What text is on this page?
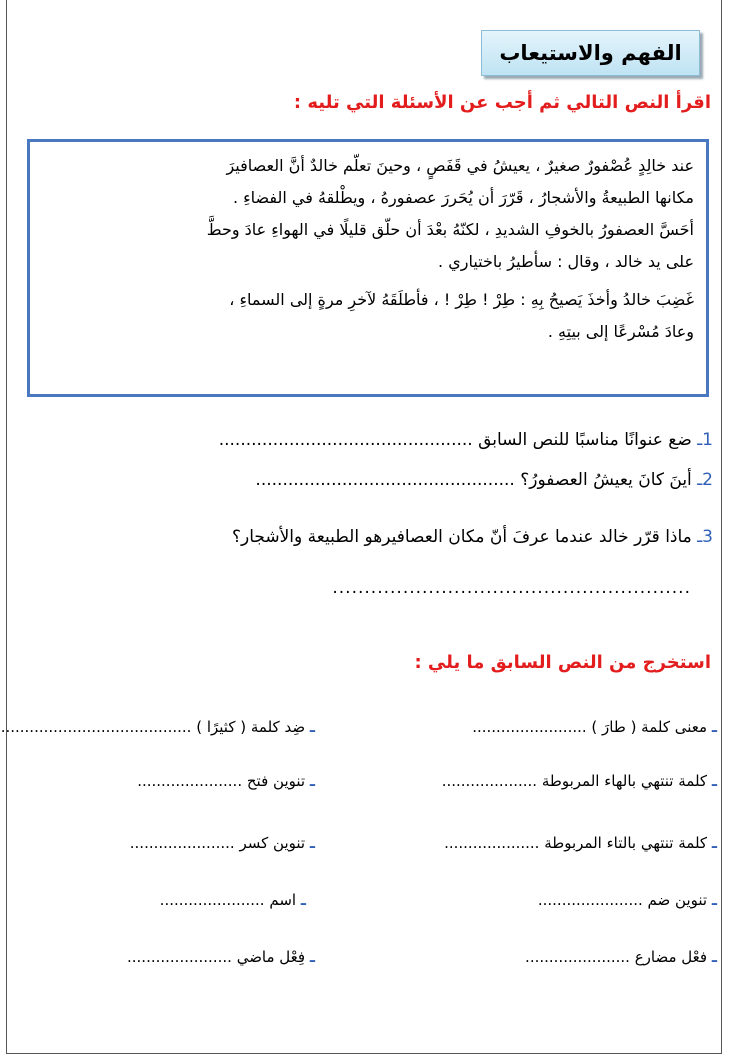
الفهم والاستيعاب
اقرأ النص التالي ثم أجب عن الأسئلة التي تليه :

عند خالِدٍ عُصْفورٌ صغيرٌ ، يعيشُ في قَفَصٍ ، وحينَ تعلّم خالدٌ أنَّ العصافيرَ

مكانها الطبيعةُ والأشجارُ ، قَرّرَ أن يُحَررَ عصفورهُ ، ويطْلقهُ في الفضاءِ .

أحَسَّ العصفورُ بالخوفِ الشديدِ ، لكنّهُ بعْدَ أن حلّق قليلًا في الهواءِ عادَ وحطَّ

على يد خالد ، وقال : سأطيرُ باختياري .

غَضِبَ خالدُ وأخذَ يَصيحُ بِهِ : طِرْ ! طِرْ ! ، فأطلَقَهُ لآخرِ مرةٍ إلى السماءِ ،

وعادَ مُسْرعًا إلى بيتِهِ .

1ـ ضع عنوانًا مناسبًا للنص السابق ...............................................
2ـ أينَ كانَ يعيشُ العصفورُ؟ ................................................
3ـ ماذا قرّر خالد عندما عرفَ أنّ مكان العصافيرهو الطبيعة والأشجار؟
........................................................
استخرج من النص السابق ما يلي :
ـ معنى كلمة ( طارَ ) ........................
ـ ضِد كلمة ( كثيرًا ) ........................................
ـ كلمة تنتهي بالهاء المربوطة ....................
ـ تنوين فتح ......................
ـ كلمة تنتهي بالتاء المربوطة ....................
ـ تنوين كسر ......................
ـ تنوين ضم ......................
ـ اسم ......................
ـ فعْل مضارع ......................
ـ فِعْل ماضي ......................
